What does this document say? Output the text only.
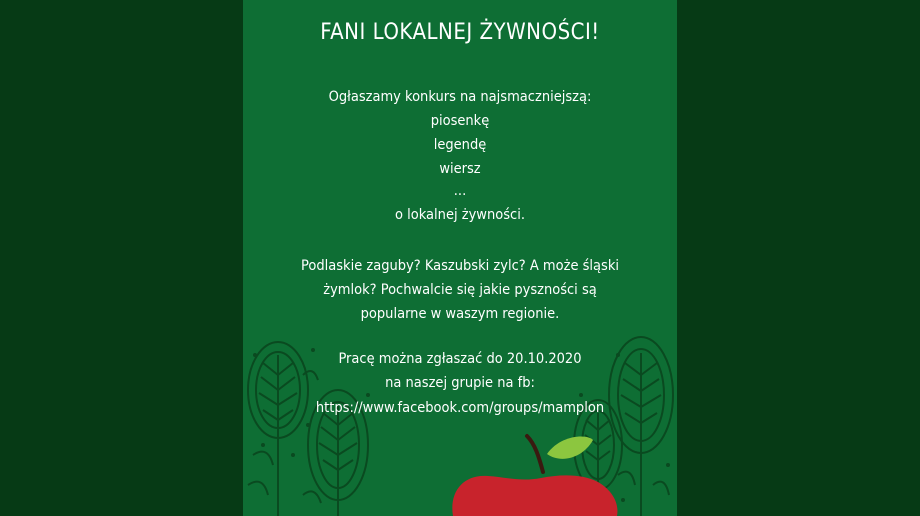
FANI LOKALNEJ ŻYWNOŚCI!
Ogłaszamy konkurs na najsmaczniejszą:
piosenkę
legendę
wiersz
...
o lokalnej żywności.
Podlaskie zaguby? Kaszubski zylc? A może śląski
żymlok? Pochwalcie się jakie pyszności są
popularne w waszym regionie.
Pracę można zgłaszać do 20.10.2020
na naszej grupie na fb:
https://www.facebook.com/groups/mamplon
